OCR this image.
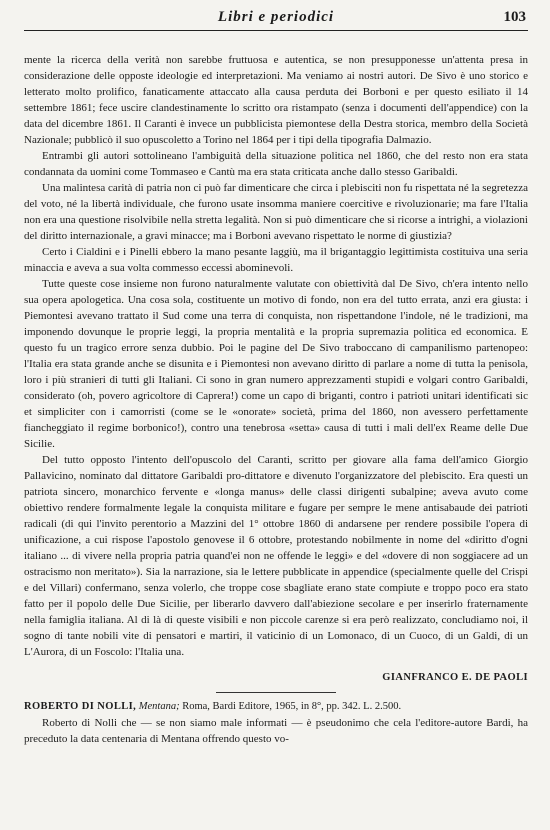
Libri e periodici	103

mente la ricerca della verità non sarebbe fruttuosa e autentica, se non presupponesse un'attenta presa in considerazione delle opposte ideologie ed interpretazioni. Ma veniamo ai nostri autori. De Sivo è uno storico e letterato molto prolifico, fanaticamente attaccato alla causa perduta dei Borboni e per questo esiliato il 14 settembre 1861; fece uscire clandestinamente lo scritto ora ristampato (senza i documenti dell'appendice) con la data del dicembre 1861. Il Caranti è invece un pubblicista piemontese della Destra storica, membro della Società Nazionale; pubblicò il suo opuscoletto a Torino nel 1864 per i tipi della tipografia Dalmazio.

Entrambi gli autori sottolineano l'ambiguità della situazione politica nel 1860, che del resto non era stata condannata da uomini come Tommaseo e Cantù ma era stata criticata anche dallo stesso Garibaldi.

Una malintesa carità di patria non ci può far dimenticare che circa i plebisciti non fu rispettata né la segretezza del voto, né la libertà individuale, che furono usate insomma maniere coercitive e rivoluzionarie; ma fare l'Italia non era una questione risolvibile nella stretta legalità. Non si può dimenticare che si ricorse a intrighi, a violazioni del diritto internazionale, a gravi minacce; ma i Borboni avevano rispettato le norme di giustizia?

Certo i Cialdini e i Pinelli ebbero la mano pesante laggiù, ma il brigantaggio legittimista costituiva una seria minaccia e aveva a sua volta commesso eccessi abominevoli.

Tutte queste cose insieme non furono naturalmente valutate con obiettività dal De Sivo, ch'era intento nello sua opera apologetica. Una cosa sola, costituente un motivo di fondo, non era del tutto errata, anzi era giusta: i Piemontesi avevano trattato il Sud come una terra di conquista, non rispettandone l'indole, né le tradizioni, ma imponendo dovunque le proprie leggi, la propria mentalità e la propria supremazia politica ed economica. E questo fu un tragico errore senza dubbio. Poi le pagine del De Sivo traboccano di campanilismo partenopeo: l'Italia era stata grande anche se disunita e i Piemontesi non avevano diritto di parlare a nome di tutta la penisola, loro i più stranieri di tutti gli Italiani. Ci sono in gran numero apprezzamenti stupidi e volgari contro Garibaldi, considerato (oh, povero agricoltore di Caprera!) come un capo di briganti, contro i patrioti unitari identificati sic et simpliciter con i camorristi (come se le «onorate» società, prima del 1860, non avessero perfettamente fiancheggiato il regime borbonico!), contro una tenebrosa «setta» causa di tutti i mali dell'ex Reame delle Due Sicilie.

Del tutto opposto l'intento dell'opuscolo del Caranti, scritto per giovare alla fama dell'amico Giorgio Pallavicino, nominato dal dittatore Garibaldi pro-dittatore e divenuto l'organizzatore del plebiscito. Era questi un patriota sincero, monarchico fervente e «longa manus» delle classi dirigenti subalpine; aveva avuto come obiettivo rendere formalmente legale la conquista militare e fugare per sempre le mene antisabaude dei patrioti radicali (di qui l'invito perentorio a Mazzini del 1° ottobre 1860 di andarsene per rendere possibile l'opera di unificazione, a cui rispose l'apostolo genovese il 6 ottobre, protestando nobilmente in nome del «diritto d'ogni italiano ... di vivere nella propria patria quand'ei non ne offende le leggi» e del «dovere di non soggiacere ad un ostracismo non meritato»). Sia la narrazione, sia le lettere pubblicate in appendice (specialmente quelle del Crispi e del Villari) confermano, senza volerlo, che troppe cose sbagliate erano state compiute e troppo poco era stato fatto per il popolo delle Due Sicilie, per liberarlo davvero dall'abiezione secolare e per inserirlo fraternamente nella famiglia italiana. Al di là di queste visibili e non piccole carenze si era però realizzato, concludiamo noi, il sogno di tante nobili vite di pensatori e martiri, il vaticinio di un Lomonaco, di un Cuoco, di un Galdi, di un L'Aurora, di un Foscolo: l'Italia una.

GIANFRANCO E. DE PAOLI

ROBERTO DI NOLLI, Mentana; Roma, Bardi Editore, 1965, in 8°, pp. 342. L. 2.500.

Roberto di Nolli che — se non siamo male informati — è pseudonimo che cela l'editore-autore Bardi, ha preceduto la data centenaria di Mentana offrendo questo vo-
